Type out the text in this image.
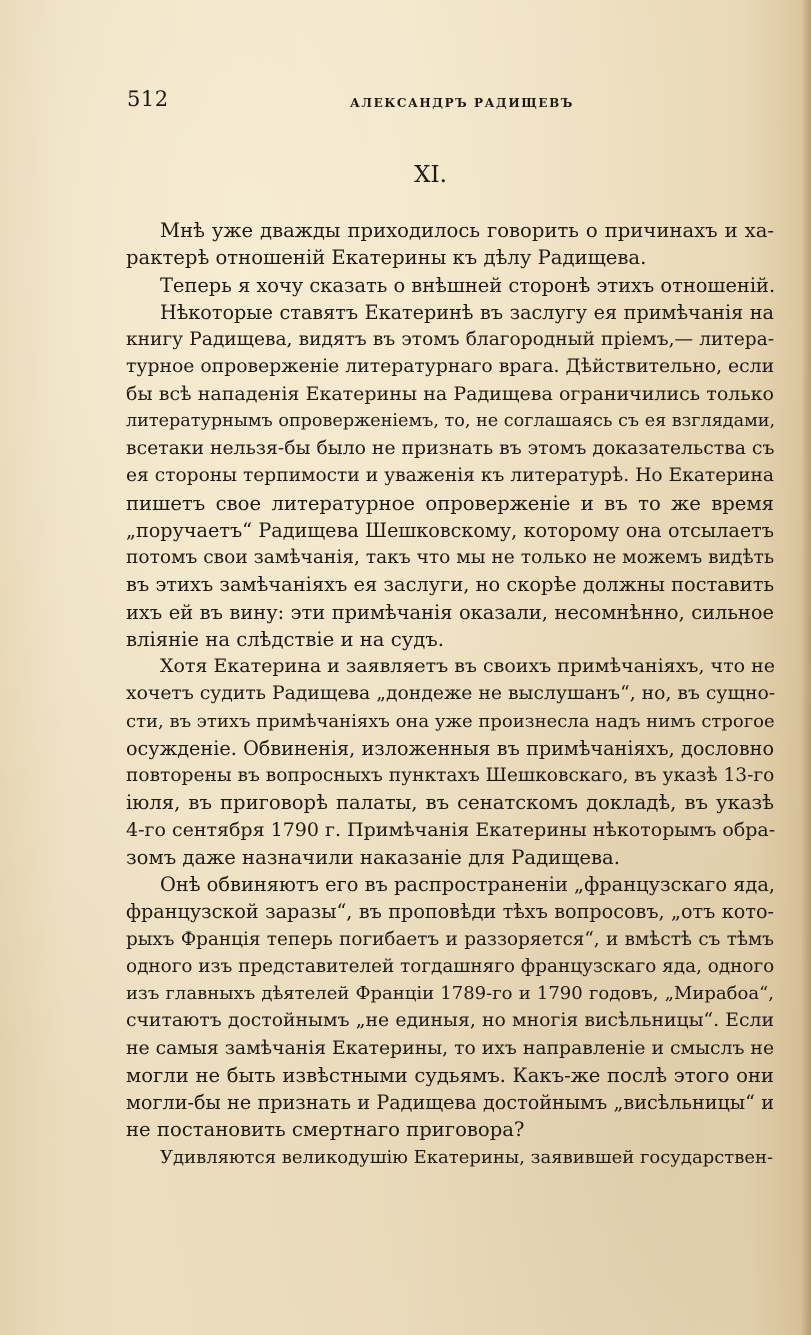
512	АЛЕКСАНДРЪ РАДИЩЕВЪ
XI.
Мнѣ уже дважды приходилось говорить о причинахъ и ха-
рактерѣ отношеній Екатерины къ дѣлу Радищева.
Теперь я хочу сказать о внѣшней сторонѣ этихъ отношеній.
Нѣкоторые ставятъ Екатеринѣ въ заслугу ея примѣчанія на
книгу Радищева, видятъ въ этомъ благородный пріемъ,— литера-
турное опроверженіе литературнаго врага. Дѣйствительно, если
бы всѣ нападенія Екатерины на Радищева ограничились только
литературнымъ опроверженіемъ, то, не соглашаясь съ ея взглядами,
всетаки нельзя-бы было не признать въ этомъ доказательства съ
ея стороны терпимости и уваженія къ литературѣ. Но Екатерина
пишетъ свое литературное опроверженіе и въ то же время
„поручаетъ“ Радищева Шешковскому, которому она отсылаетъ
потомъ свои замѣчанія, такъ что мы не только не можемъ видѣть
въ этихъ замѣчаніяхъ ея заслуги, но скорѣе должны поставить
ихъ ей въ вину: эти примѣчанія оказали, несомнѣнно, сильное
вліяніе на слѣдствіе и на судъ.
Хотя Екатерина и заявляетъ въ своихъ примѣчаніяхъ, что не
хочетъ судить Радищева „дондеже не выслушанъ“, но, въ сущно-
сти, въ этихъ примѣчаніяхъ она уже произнесла надъ нимъ строгое
осужденіе. Обвиненія, изложенныя въ примѣчаніяхъ, дословно
повторены въ вопросныхъ пунктахъ Шешковскаго, въ указѣ 13-го
іюля, въ приговорѣ палаты, въ сенатскомъ докладѣ, въ указѣ
4-го сентября 1790 г. Примѣчанія Екатерины нѣкоторымъ обра-
зомъ даже назначили наказаніе для Радищева.
Онѣ обвиняютъ его въ распространеніи „французскаго яда,
французской заразы“, въ проповѣди тѣхъ вопросовъ, „отъ кото-
рыхъ Франція теперь погибаетъ и раззоряется“, и вмѣстѣ съ тѣмъ
одного изъ представителей тогдашняго французскаго яда, одного
изъ главныхъ дѣятелей Франціи 1789-го и 1790 годовъ, „Мирабоа“,
считаютъ достойнымъ „не единыя, но многія висѣльницы“. Если
не самыя замѣчанія Екатерины, то ихъ направленіе и смыслъ не
могли не быть извѣстными судьямъ. Какъ-же послѣ этого они
могли-бы не признать и Радищева достойнымъ „висѣльницы“ и
не постановить смертнаго приговора?
Удивляются великодушію Екатерины, заявившей государствен-
